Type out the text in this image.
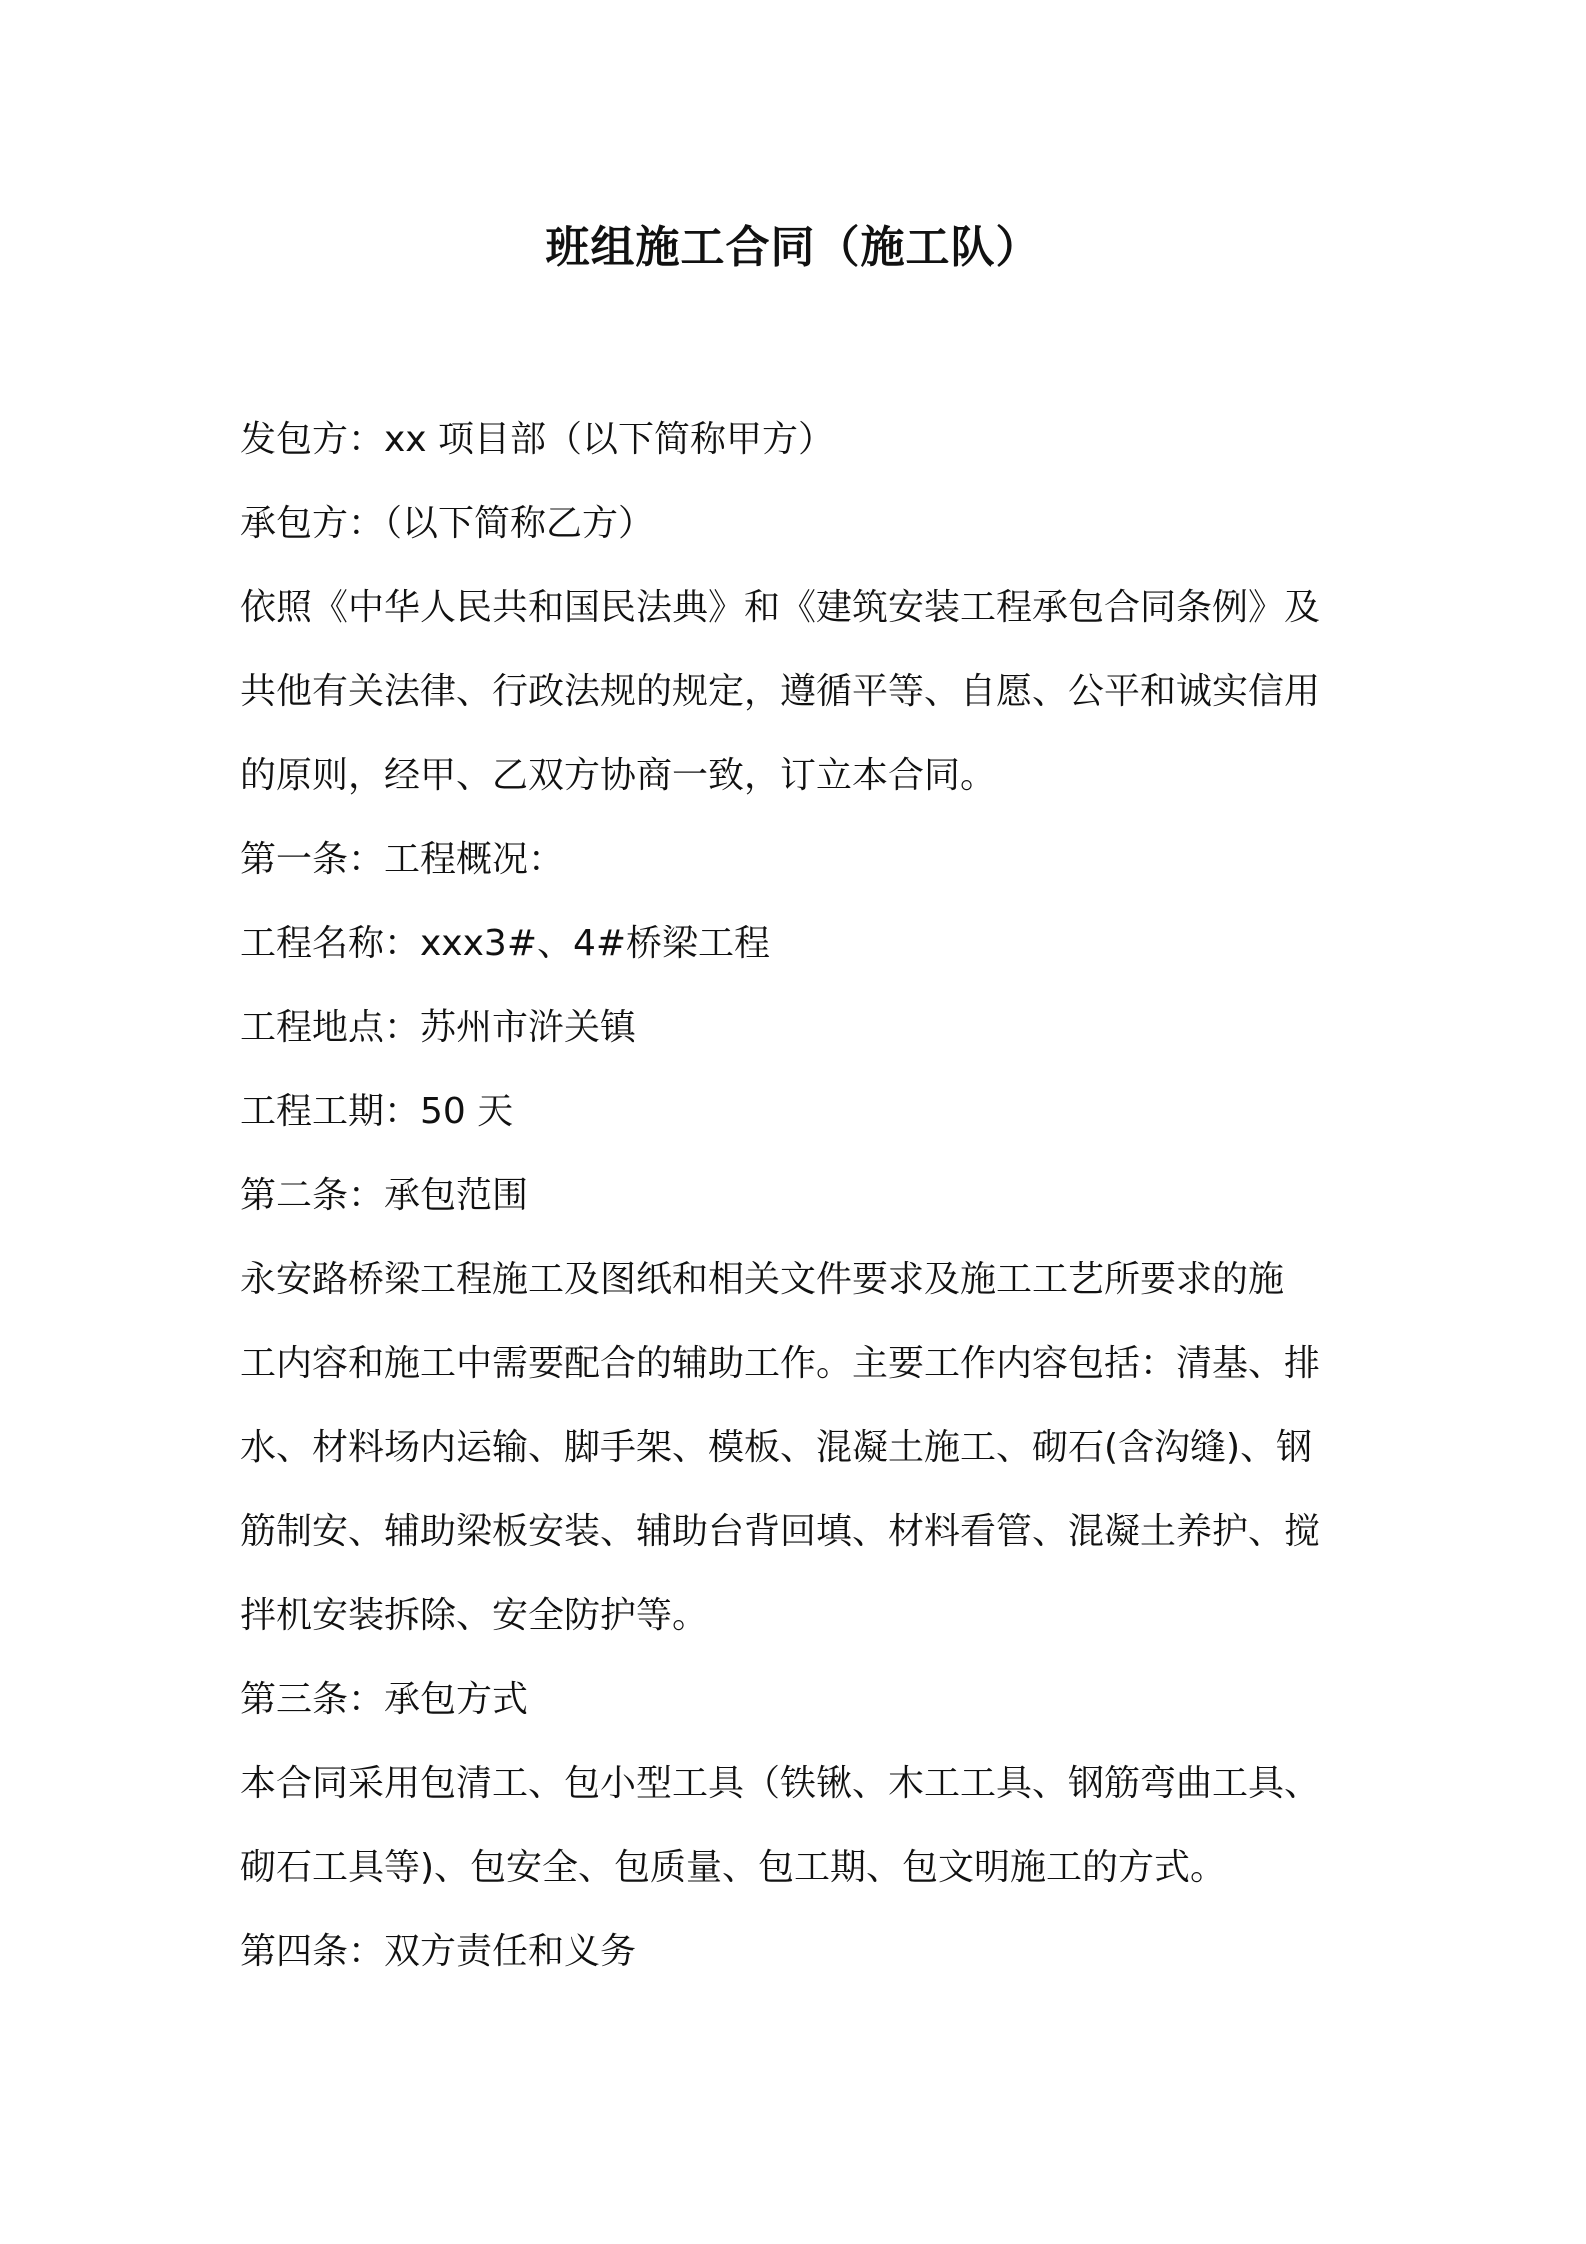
班组施工合同（施工队）
发包方：xx 项目部（以下简称甲方）
承包方：（以下简称乙方）
依照《中华人民共和国民法典》和《建筑安装工程承包合同条例》及
共他有关法律、行政法规的规定，遵循平等、自愿、公平和诚实信用
的原则，经甲、乙双方协商一致，订立本合同。
第一条：工程概况：
工程名称：xxx3#、4#桥梁工程
工程地点：苏州市浒关镇
工程工期：50 天
第二条：承包范围
永安路桥梁工程施工及图纸和相关文件要求及施工工艺所要求的施
工内容和施工中需要配合的辅助工作。主要工作内容包括：清基、排
水、材料场内运输、脚手架、模板、混凝土施工、砌石(含沟缝)、钢
筋制安、辅助梁板安装、辅助台背回填、材料看管、混凝土养护、搅
拌机安装拆除、安全防护等。
第三条：承包方式
本合同采用包清工、包小型工具（铁锹、木工工具、钢筋弯曲工具、
砌石工具等)、包安全、包质量、包工期、包文明施工的方式。
第四条：双方责任和义务
